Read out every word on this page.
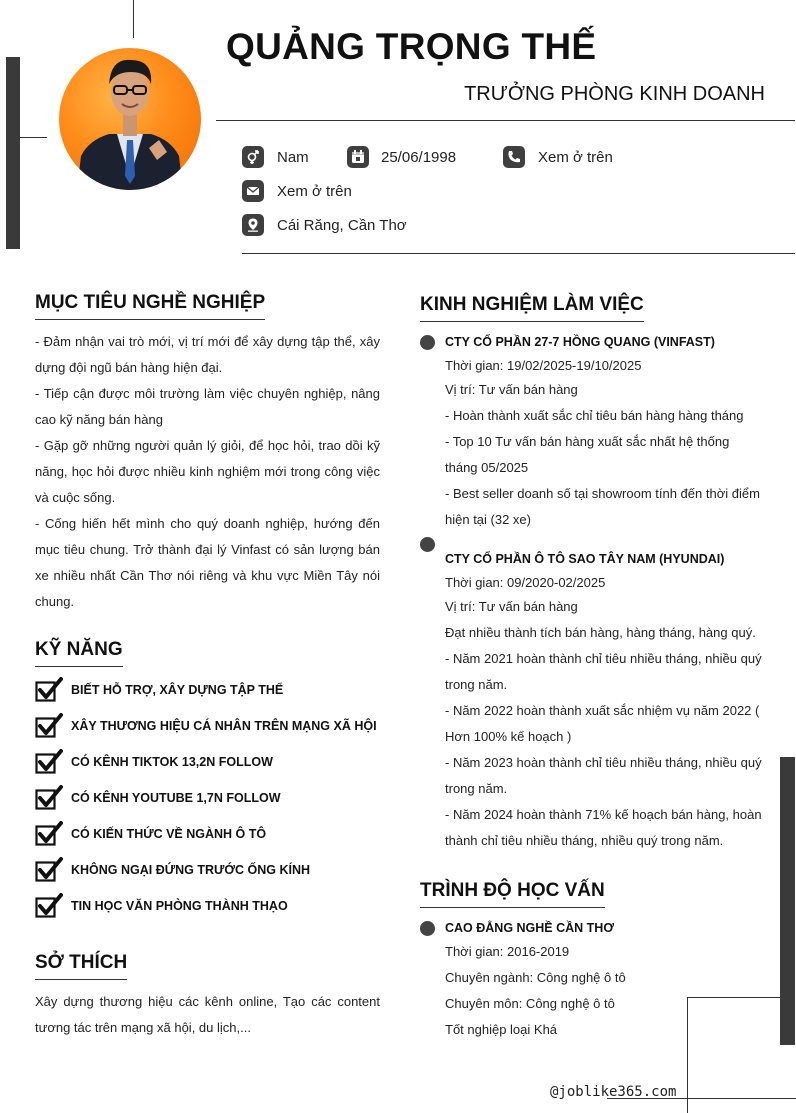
QUẢNG TRỌNG THẾ
TRƯỞNG PHÒNG KINH DOANH
Nam	25/06/1998	Xem ở trên
Xem ở trên
Cái Răng, Cần Thơ
MỤC TIÊU NGHỀ NGHIỆP
- Đảm nhận vai trò mới, vị trí mới để xây dựng tập thể, xây dựng đội ngũ bán hàng hiện đại.
- Tiếp cận được môi trường làm việc chuyên nghiệp, nâng cao kỹ năng bán hàng
- Gặp gỡ những người quản lý giỏi, để học hỏi, trao dồi kỹ năng, học hỏi được nhiều kinh nghiệm mới trong công việc và cuộc sống.
- Cống hiến hết mình cho quý doanh nghiệp, hướng đến mục tiêu chung. Trở thành đại lý Vinfast có sản lượng bán xe nhiều nhất Cần Thơ nói riêng và khu vực Miền Tây nói chung.
KỸ NĂNG
BIẾT HỖ TRỢ, XÂY DỰNG TẬP THỂ
XÂY THƯƠNG HIỆU CÁ NHÂN TRÊN MẠNG XÃ HỘI
CÓ KÊNH TIKTOK 13,2N FOLLOW
CÓ KÊNH YOUTUBE 1,7N FOLLOW
CÓ KIẾN THỨC VỀ NGÀNH Ô TÔ
KHÔNG NGẠI ĐỨNG TRƯỚC ỐNG KÍNH
TIN HỌC VĂN PHÒNG THÀNH THẠO
SỞ THÍCH
Xây dựng thương hiệu các kênh online, Tạo các content tương tác trên mạng xã hội, du lịch,...
KINH NGHIỆM LÀM VIỆC
CTY CỔ PHẦN 27-7 HỒNG QUANG (VINFAST)
Thời gian: 19/02/2025-19/10/2025
Vị trí: Tư vấn bán hàng
- Hoàn thành xuất sắc chỉ tiêu bán hàng hàng tháng
- Top 10 Tư vấn bán hàng xuất sắc nhất hệ thống tháng 05/2025
- Best seller doanh số tại showroom tính đến thời điểm hiện tại (32 xe)
CTY CỔ PHẦN Ô TÔ SAO TÂY NAM (HYUNDAI)
Thời gian: 09/2020-02/2025
Vị trí: Tư vấn bán hàng
Đạt nhiều thành tích bán hàng, hàng tháng, hàng quý.
- Năm 2021 hoàn thành chỉ tiêu nhiều tháng, nhiều quý trong năm.
- Năm 2022 hoàn thành xuất sắc nhiệm vụ năm 2022 ( Hơn 100% kế hoạch )
- Năm 2023 hoàn thành chỉ tiêu nhiều tháng, nhiều quý trong năm.
- Năm 2024 hoàn thành 71% kế hoạch bán hàng, hoàn thành chỉ tiêu nhiều tháng, nhiều quý trong năm.
TRÌNH ĐỘ HỌC VẤN
CAO ĐẲNG NGHỀ CẦN THƠ
Thời gian: 2016-2019
Chuyên ngành: Công nghệ ô tô
Chuyên môn: Công nghệ ô tô
Tốt nghiệp loại Khá
@joblike365.com
